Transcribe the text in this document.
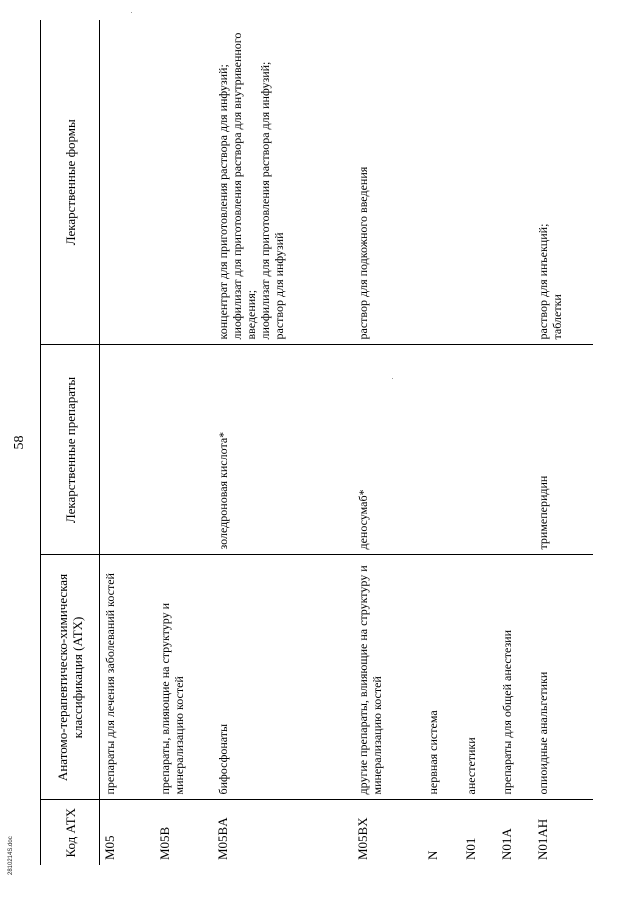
58
Код АТХ	Анатомо-терапевтическо-химическая классификация (АТХ)	Лекарственные препараты	Лекарственные формы
M05	препараты для лечения заболеваний костей		
M05B	препараты, влияющие на структуру и минерализацию костей		
M05BA	бифосфонаты	золедроновая кислота*	концентрат для приготовления раствора для инфузий;
лиофилизат для приготовления раствора для внутривенного введения;
лиофилизат для приготовления раствора для инфузий;
раствор для инфузий
M05BX	другие препараты, влияющие на структуру и минерализацию костей	деносумаб*	раствор для подкожного введения
N	нервная система		
N01	анестетики		
N01A	препараты для общей анестезии		
N01AH	опиоидные анальгетики	тримеперидин	раствор для инъекций;
таблетки
2810214S.doc
